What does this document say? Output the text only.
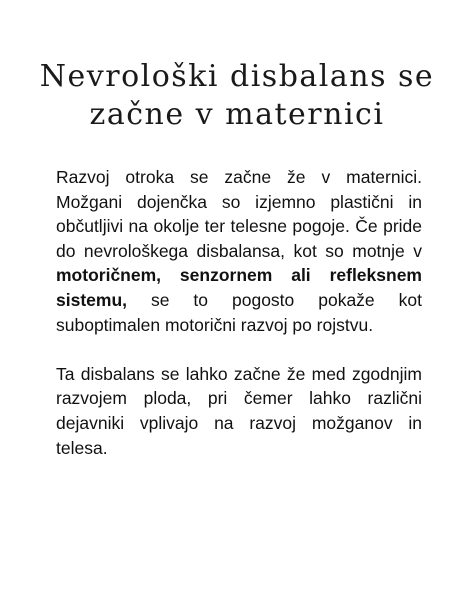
Nevrološki disbalans se
začne v maternici

Razvoj otroka se začne že v maternici. Možgani dojenčka so izjemno plastični in občutljivi na okolje ter telesne pogoje. Če pride do nevrološkega disbalansa, kot so motnje v motoričnem, senzornem ali refleksnem sistemu, se to pogosto pokaže kot suboptimalen motorični razvoj po rojstvu.

Ta disbalans se lahko začne že med zgodnjim razvojem ploda, pri čemer lahko različni dejavniki vplivajo na razvoj možganov in telesa.
